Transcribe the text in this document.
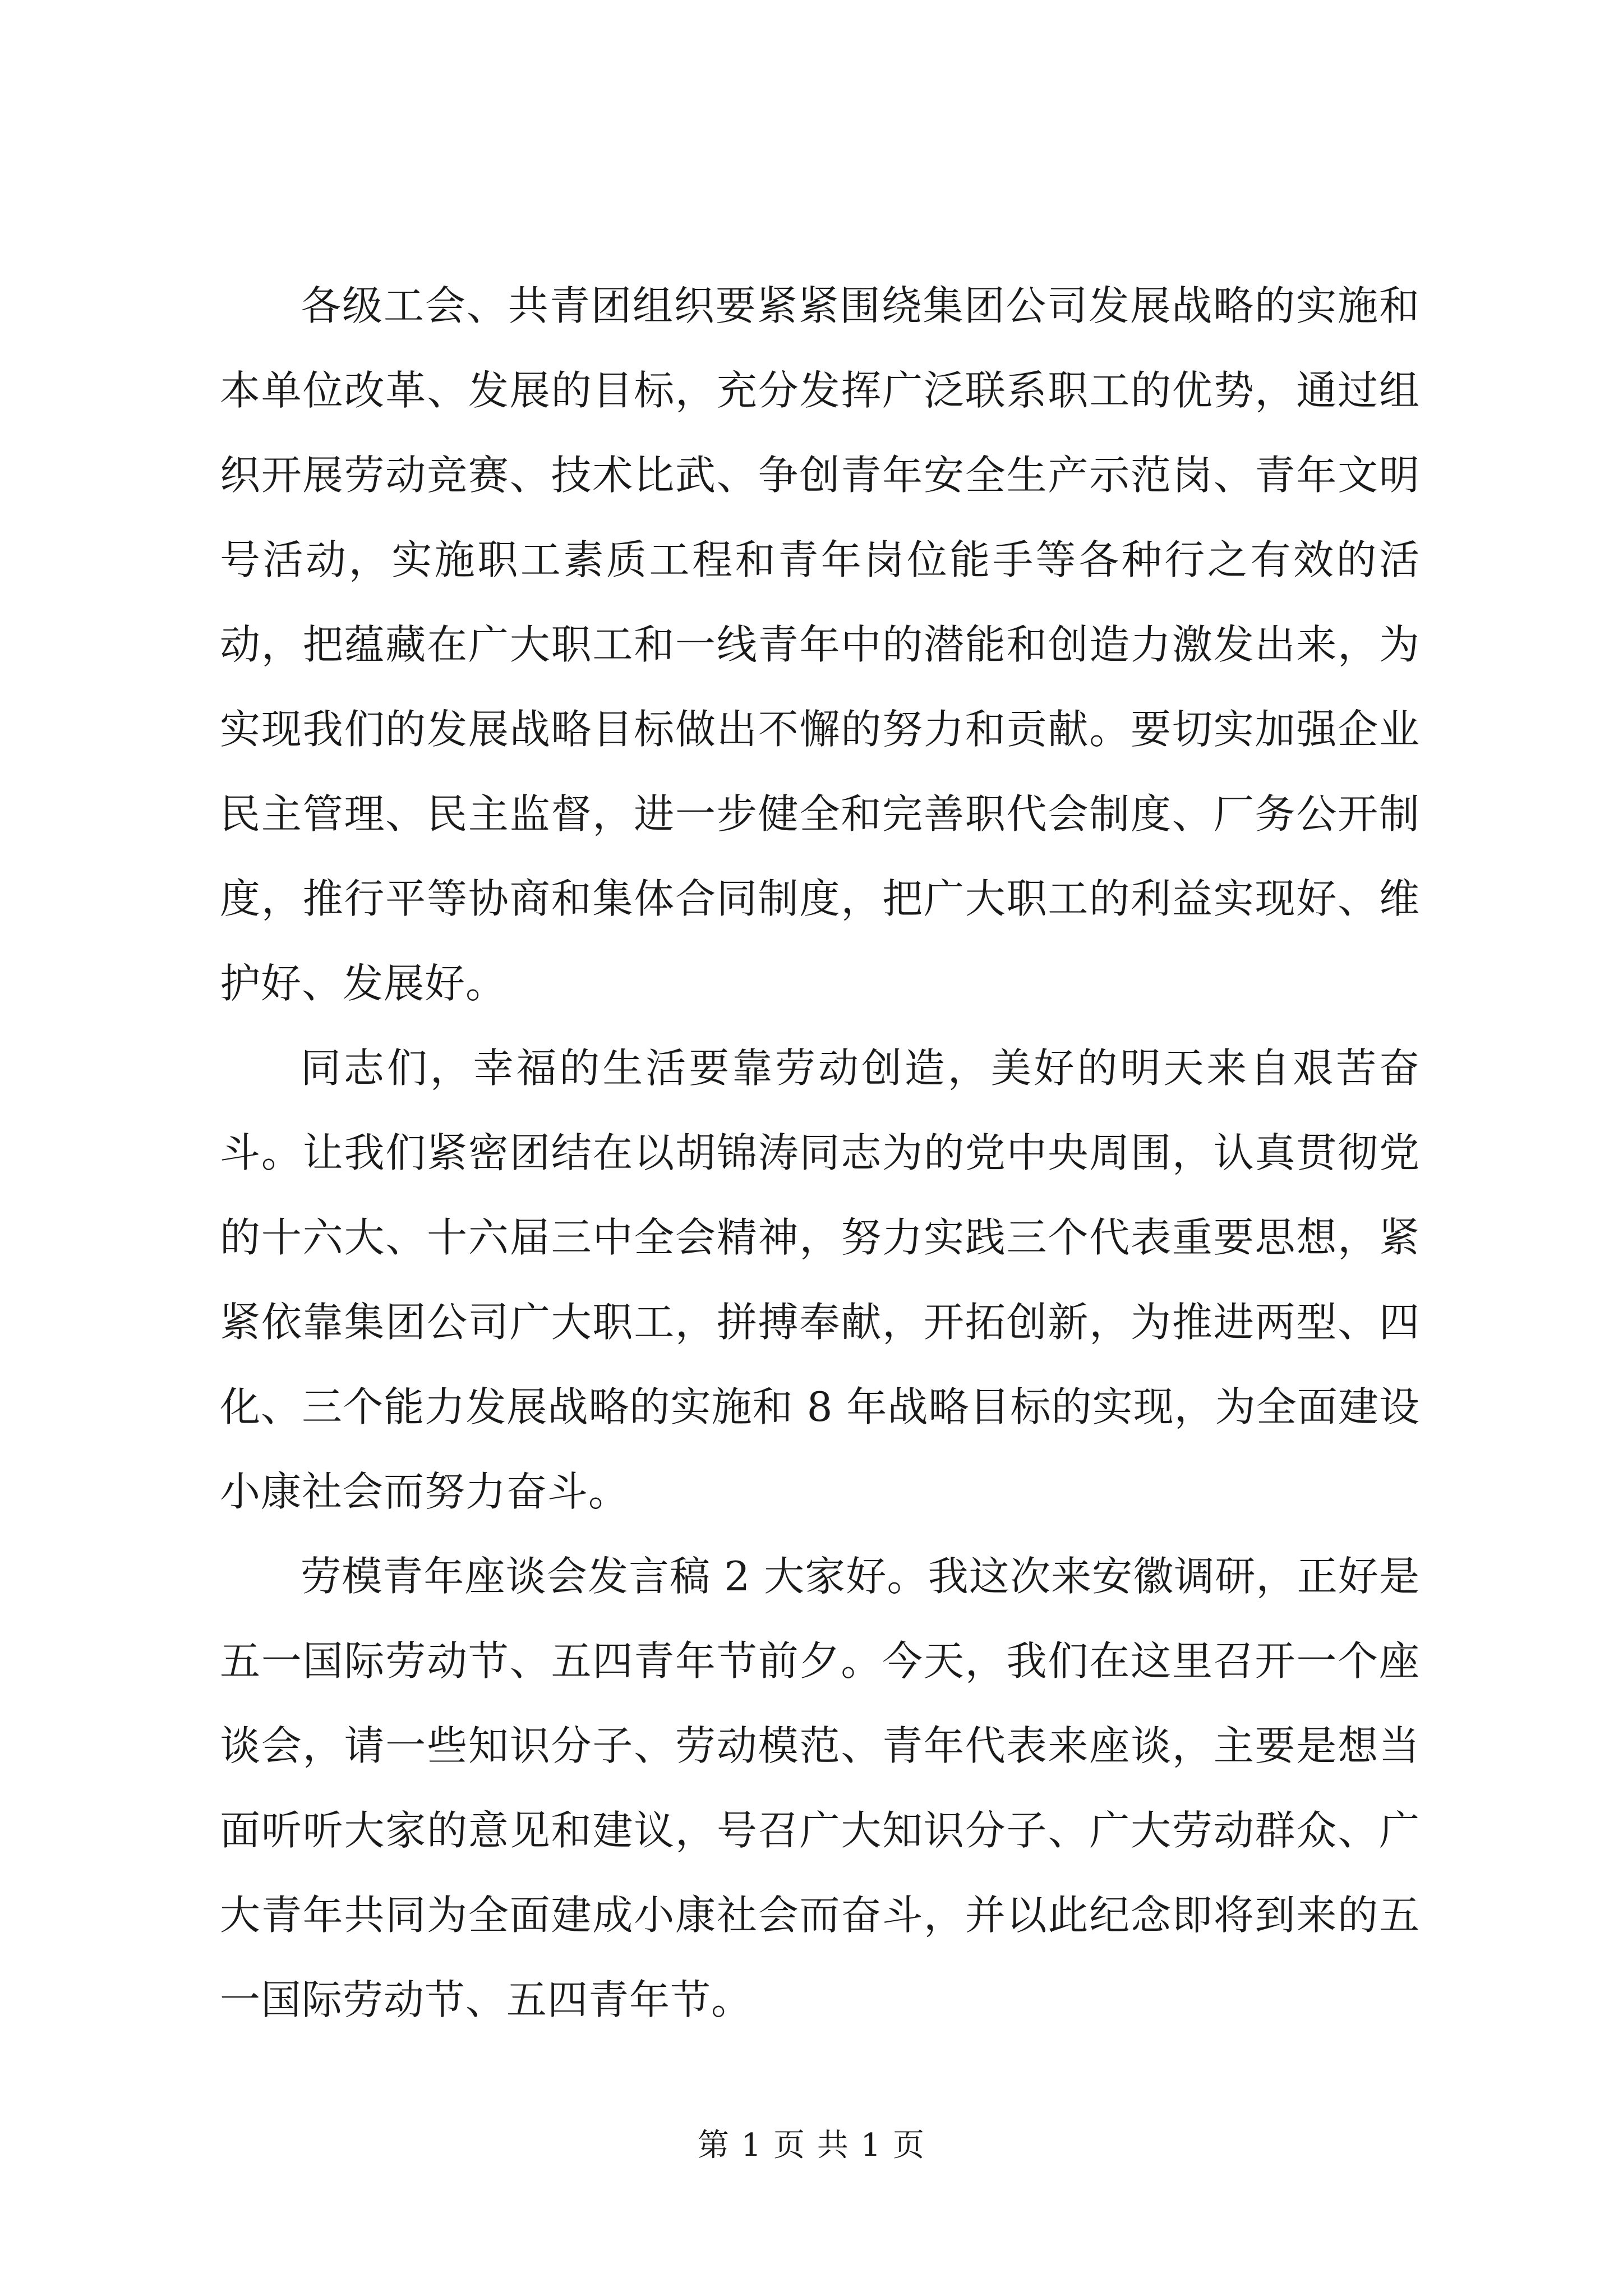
各级工会、共青团组织要紧紧围绕集团公司发展战略的实施和本单位改革、发展的目标，充分发挥广泛联系职工的优势，通过组织开展劳动竞赛、技术比武、争创青年安全生产示范岗、青年文明号活动，实施职工素质工程和青年岗位能手等各种行之有效的活动，把蕴藏在广大职工和一线青年中的潜能和创造力激发出来，为实现我们的发展战略目标做出不懈的努力和贡献。要切实加强企业民主管理、民主监督，进一步健全和完善职代会制度、厂务公开制度，推行平等协商和集体合同制度，把广大职工的利益实现好、维护好、发展好。

同志们，幸福的生活要靠劳动创造，美好的明天来自艰苦奋斗。让我们紧密团结在以胡锦涛同志为的党中央周围，认真贯彻党的十六大、十六届三中全会精神，努力实践三个代表重要思想，紧紧依靠集团公司广大职工，拼搏奉献，开拓创新，为推进两型、四化、三个能力发展战略的实施和 8 年战略目标的实现，为全面建设小康社会而努力奋斗。

劳模青年座谈会发言稿 2 大家好。我这次来安徽调研，正好是五一国际劳动节、五四青年节前夕。今天，我们在这里召开一个座谈会，请一些知识分子、劳动模范、青年代表来座谈，主要是想当面听听大家的意见和建议，号召广大知识分子、广大劳动群众、广大青年共同为全面建成小康社会而奋斗，并以此纪念即将到来的五一国际劳动节、五四青年节。

第 1 页 共 1 页
